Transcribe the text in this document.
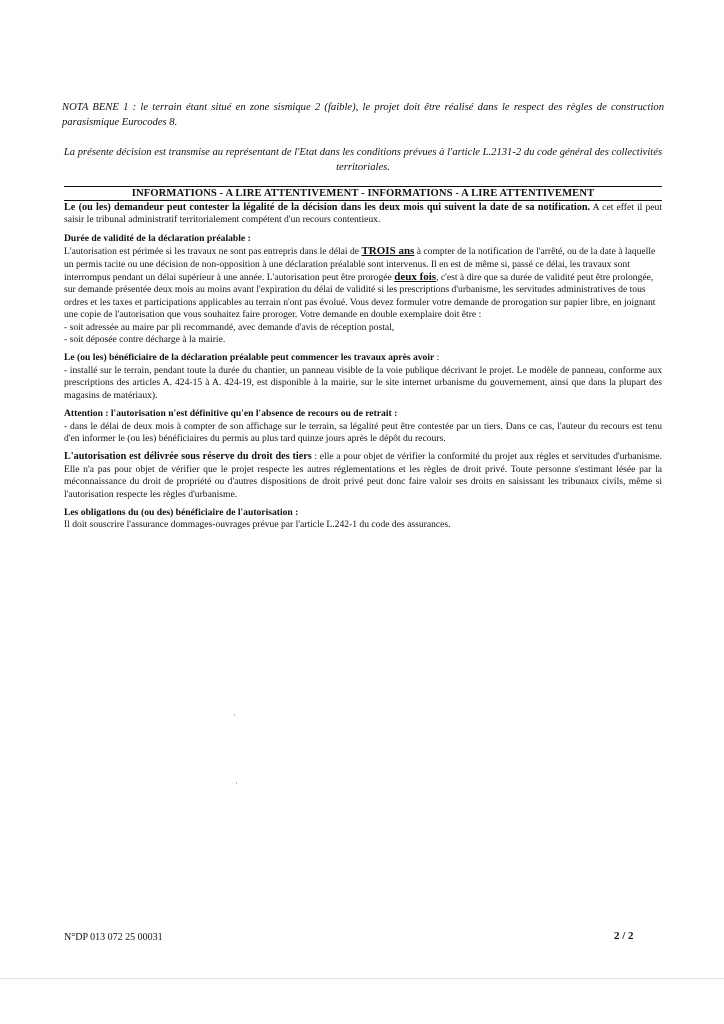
NOTA BENE 1 : le terrain étant situé en zone sismique 2 (faible), le projet doit être réalisé dans le respect des règles de construction parasismique Eurocodes 8.
La présente décision est transmise au représentant de l'Etat dans les conditions prévues à l'article L.2131-2 du code général des collectivités territoriales.
INFORMATIONS - A LIRE ATTENTIVEMENT - INFORMATIONS - A LIRE ATTENTIVEMENT

Le (ou les) demandeur peut contester la légalité de la décision dans les deux mois qui suivent la date de sa notification. A cet effet il peut saisir le tribunal administratif territorialement compétent d'un recours contentieux.

Durée de validité de la déclaration préalable :
L'autorisation est périmée si les travaux ne sont pas entrepris dans le délai de TROIS ans à compter de la notification de l'arrêté, ou de la date à laquelle un permis tacite ou une décision de non-opposition à une déclaration préalable sont intervenus. Il en est de même si, passé ce délai, les travaux sont interrompus pendant un délai supérieur à une année. L'autorisation peut être prorogée deux fois, c'est à dire que sa durée de validité peut être prolongée, sur demande présentée deux mois au moins avant l'expiration du délai de validité si les prescriptions d'urbanisme, les servitudes administratives de tous ordres et les taxes et participations applicables au terrain n'ont pas évolué. Vous devez formuler votre demande de prorogation sur papier libre, en joignant une copie de l'autorisation que vous souhaitez faire proroger. Votre demande en double exemplaire doit être :
- soit adressée au maire par pli recommandé, avec demande d'avis de réception postal,
- soit déposée contre décharge à la mairie.
Le (ou les) bénéficiaire de la déclaration préalable peut commencer les travaux après avoir :
- installé sur le terrain, pendant toute la durée du chantier, un panneau visible de la voie publique décrivant le projet. Le modèle de panneau, conforme aux prescriptions des articles A. 424-15 à A. 424-19, est disponible à la mairie, sur le site internet urbanisme du gouvernement, ainsi que dans la plupart des magasins de matériaux).
Attention : l'autorisation n'est définitive qu'en l'absence de recours ou de retrait :
- dans le délai de deux mois à compter de son affichage sur le terrain, sa légalité peut être contestée par un tiers. Dans ce cas, l'auteur du recours est tenu d'en informer le (ou les) bénéficiaires du permis au plus tard quinze jours après le dépôt du recours.

L'autorisation est délivrée sous réserve du droit des tiers : elle a pour objet de vérifier la conformité du projet aux règles et servitudes d'urbanisme. Elle n'a pas pour objet de vérifier que le projet respecte les autres réglementations et les règles de droit privé. Toute personne s'estimant lésée par la méconnaissance du droit de propriété ou d'autres dispositions de droit privé peut donc faire valoir ses droits en saisissant les tribunaux civils, même si l'autorisation respecte les règles d'urbanisme.

Les obligations du (ou des) bénéficiaire de l'autorisation :
Il doit souscrire l'assurance dommages-ouvrages prévue par l'article L.242-1 du code des assurances.
N°DP 013 072 25 00031	2 / 2
